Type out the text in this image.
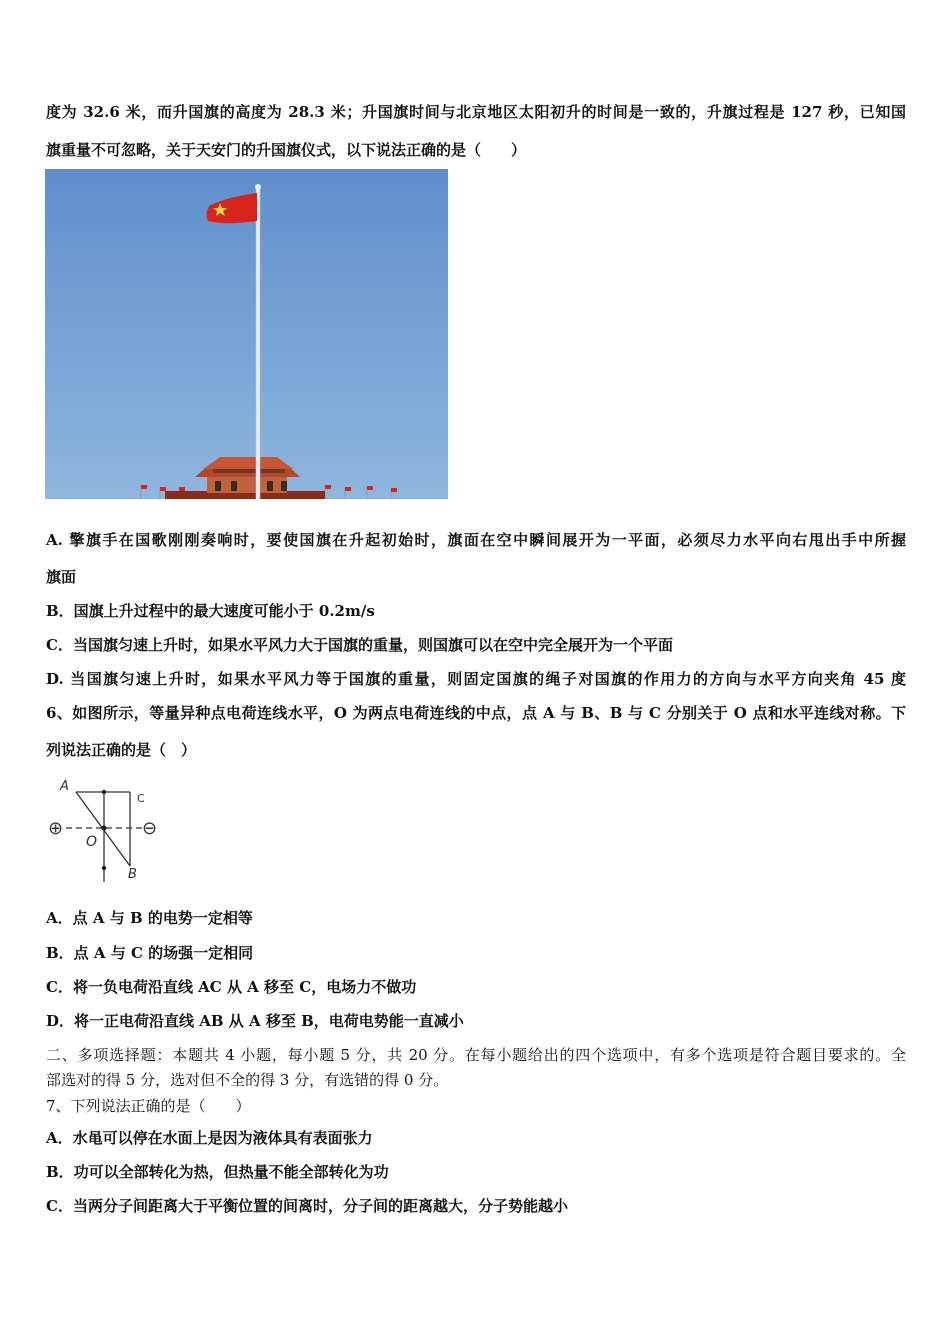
度为 32.6 米，而升国旗的高度为 28.3 米；升国旗时间与北京地区太阳初升的时间是一致的，升旗过程是 127 秒，已知国
旗重量不可忽略，关于天安门的升国旗仪式，以下说法正确的是（　　）
A. 擎旗手在国歌刚刚奏响时，要使国旗在升起初始时，旗面在空中瞬间展开为一平面，必须尽力水平向右甩出手中所握
旗面
B．国旗上升过程中的最大速度可能小于 0.2m/s
C．当国旗匀速上升时，如果水平风力大于国旗的重量，则国旗可以在空中完全展开为一个平面
D. 当国旗匀速上升时，如果水平风力等于国旗的重量，则固定国旗的绳子对国旗的作用力的方向与水平方向夹角 45 度
6、如图所示，等量异种点电荷连线水平，O 为两点电荷连线的中点，点 A 与 B、B 与 C 分别关于 O 点和水平连线对称。下
列说法正确的是（　）
A
C
O
B
⊕	⊖
A．点 A 与 B 的电势一定相等
B．点 A 与 C 的场强一定相同
C．将一负电荷沿直线 AC 从 A 移至 C，电场力不做功
D．将一正电荷沿直线 AB 从 A 移至 B，电荷电势能一直减小
二、多项选择题：本题共 4 小题，每小题 5 分，共 20 分。在每小题给出的四个选项中，有多个选项是符合题目要求的。全
部选对的得 5 分，选对但不全的得 3 分，有选错的得 0 分。
7、下列说法正确的是（　　）
A．水黾可以停在水面上是因为液体具有表面张力
B．功可以全部转化为热，但热量不能全部转化为功
C．当两分子间距离大于平衡位置的间离时，分子间的距离越大，分子势能越小
